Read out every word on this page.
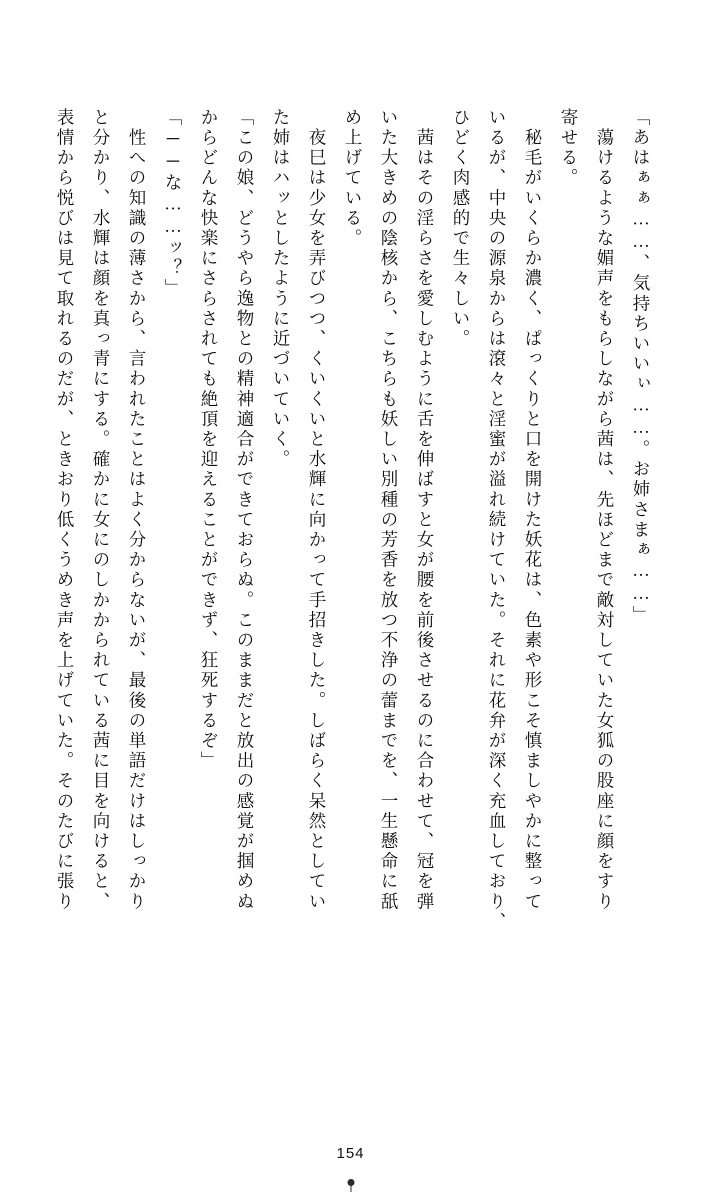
「あはぁぁ……、気持ちいいぃ……。お姉さまぁ……」
　蕩けるような媚声をもらしながら茜は、先ほどまで敵対していた女狐の股座に顔をすり
寄せる。
　秘毛がいくらか濃く、ぱっくりと口を開けた妖花は、色素や形こそ慎ましやかに整って
いるが、中央の源泉からは滾々と淫蜜が溢れ続けていた。それに花弁が深く充血しており、
ひどく肉感的で生々しい。
　茜はその淫らさを愛しむように舌を伸ばすと女が腰を前後させるのに合わせて、冠を弾
いた大きめの陰核から、こちらも妖しい別種の芳香を放つ不浄の蕾までを、一生懸命に舐
め上げている。
　夜巳は少女を弄びつつ、くいくいと水輝に向かって手招きした。しばらく呆然としてい
た姉はハッとしたように近づいていく。
「この娘、どうやら逸物との精神適合ができておらぬ。このままだと放出の感覚が掴めぬ
からどんな快楽にさらされても絶頂を迎えることができず、狂死するぞ」
「──な……ッ？」
　性への知識の薄さから、言われたことはよく分からないが、最後の単語だけはしっかり
と分かり、水輝は顔を真っ青にする。確かに女にのしかかられている茜に目を向けると、
表情から悦びは見て取れるのだが、ときおり低くうめき声を上げていた。そのたびに張り
154
